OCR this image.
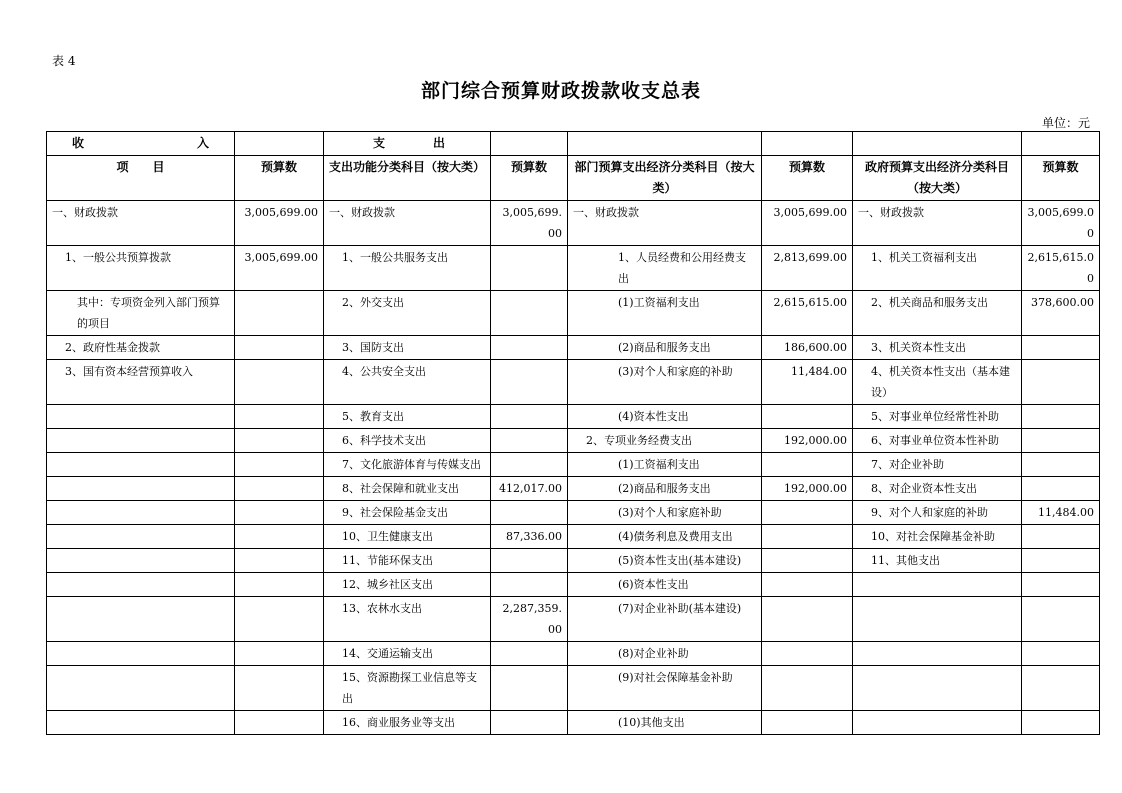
表 4
部门综合预算财政拨款收支总表
单位：元
收 入		支 出					

项　　目	预算数	支出功能分类科目（按大类）	预算数	部门预算支出经济分类科目（按大类）	预算数	政府预算支出经济分类科目（按大类）	预算数
一、财政拨款	3,005,699.00	一、财政拨款	3,005,699.00	一、财政拨款	3,005,699.00	一、财政拨款	3,005,699.00
1、一般公共预算拨款	3,005,699.00	1、一般公共服务支出		1、人员经费和公用经费支出	2,813,699.00	1、机关工资福利支出	2,615,615.00
其中：专项资金列入部门预算的项目		2、外交支出		(1)工资福利支出	2,615,615.00	2、机关商品和服务支出	378,600.00
2、政府性基金拨款		3、国防支出		(2)商品和服务支出	186,600.00	3、机关资本性支出	
3、国有资本经营预算收入		4、公共安全支出		(3)对个人和家庭的补助	11,484.00	4、机关资本性支出（基本建设）	
		5、教育支出		(4)资本性支出		5、对事业单位经常性补助	
		6、科学技术支出		2、专项业务经费支出	192,000.00	6、对事业单位资本性补助	
		7、文化旅游体育与传媒支出		(1)工资福利支出		7、对企业补助	
		8、社会保障和就业支出	412,017.00	(2)商品和服务支出	192,000.00	8、对企业资本性支出	
		9、社会保险基金支出		(3)对个人和家庭补助		9、对个人和家庭的补助	11,484.00
		10、卫生健康支出	87,336.00	(4)债务利息及费用支出		10、对社会保障基金补助	
		11、节能环保支出		(5)资本性支出(基本建设)		11、其他支出	
		12、城乡社区支出		(6)资本性支出			
		13、农林水支出	2,287,359.00	(7)对企业补助(基本建设)			
		14、交通运输支出		(8)对企业补助			
		15、资源勘探工业信息等支出		(9)对社会保障基金补助			
		16、商业服务业等支出		(10)其他支出			
